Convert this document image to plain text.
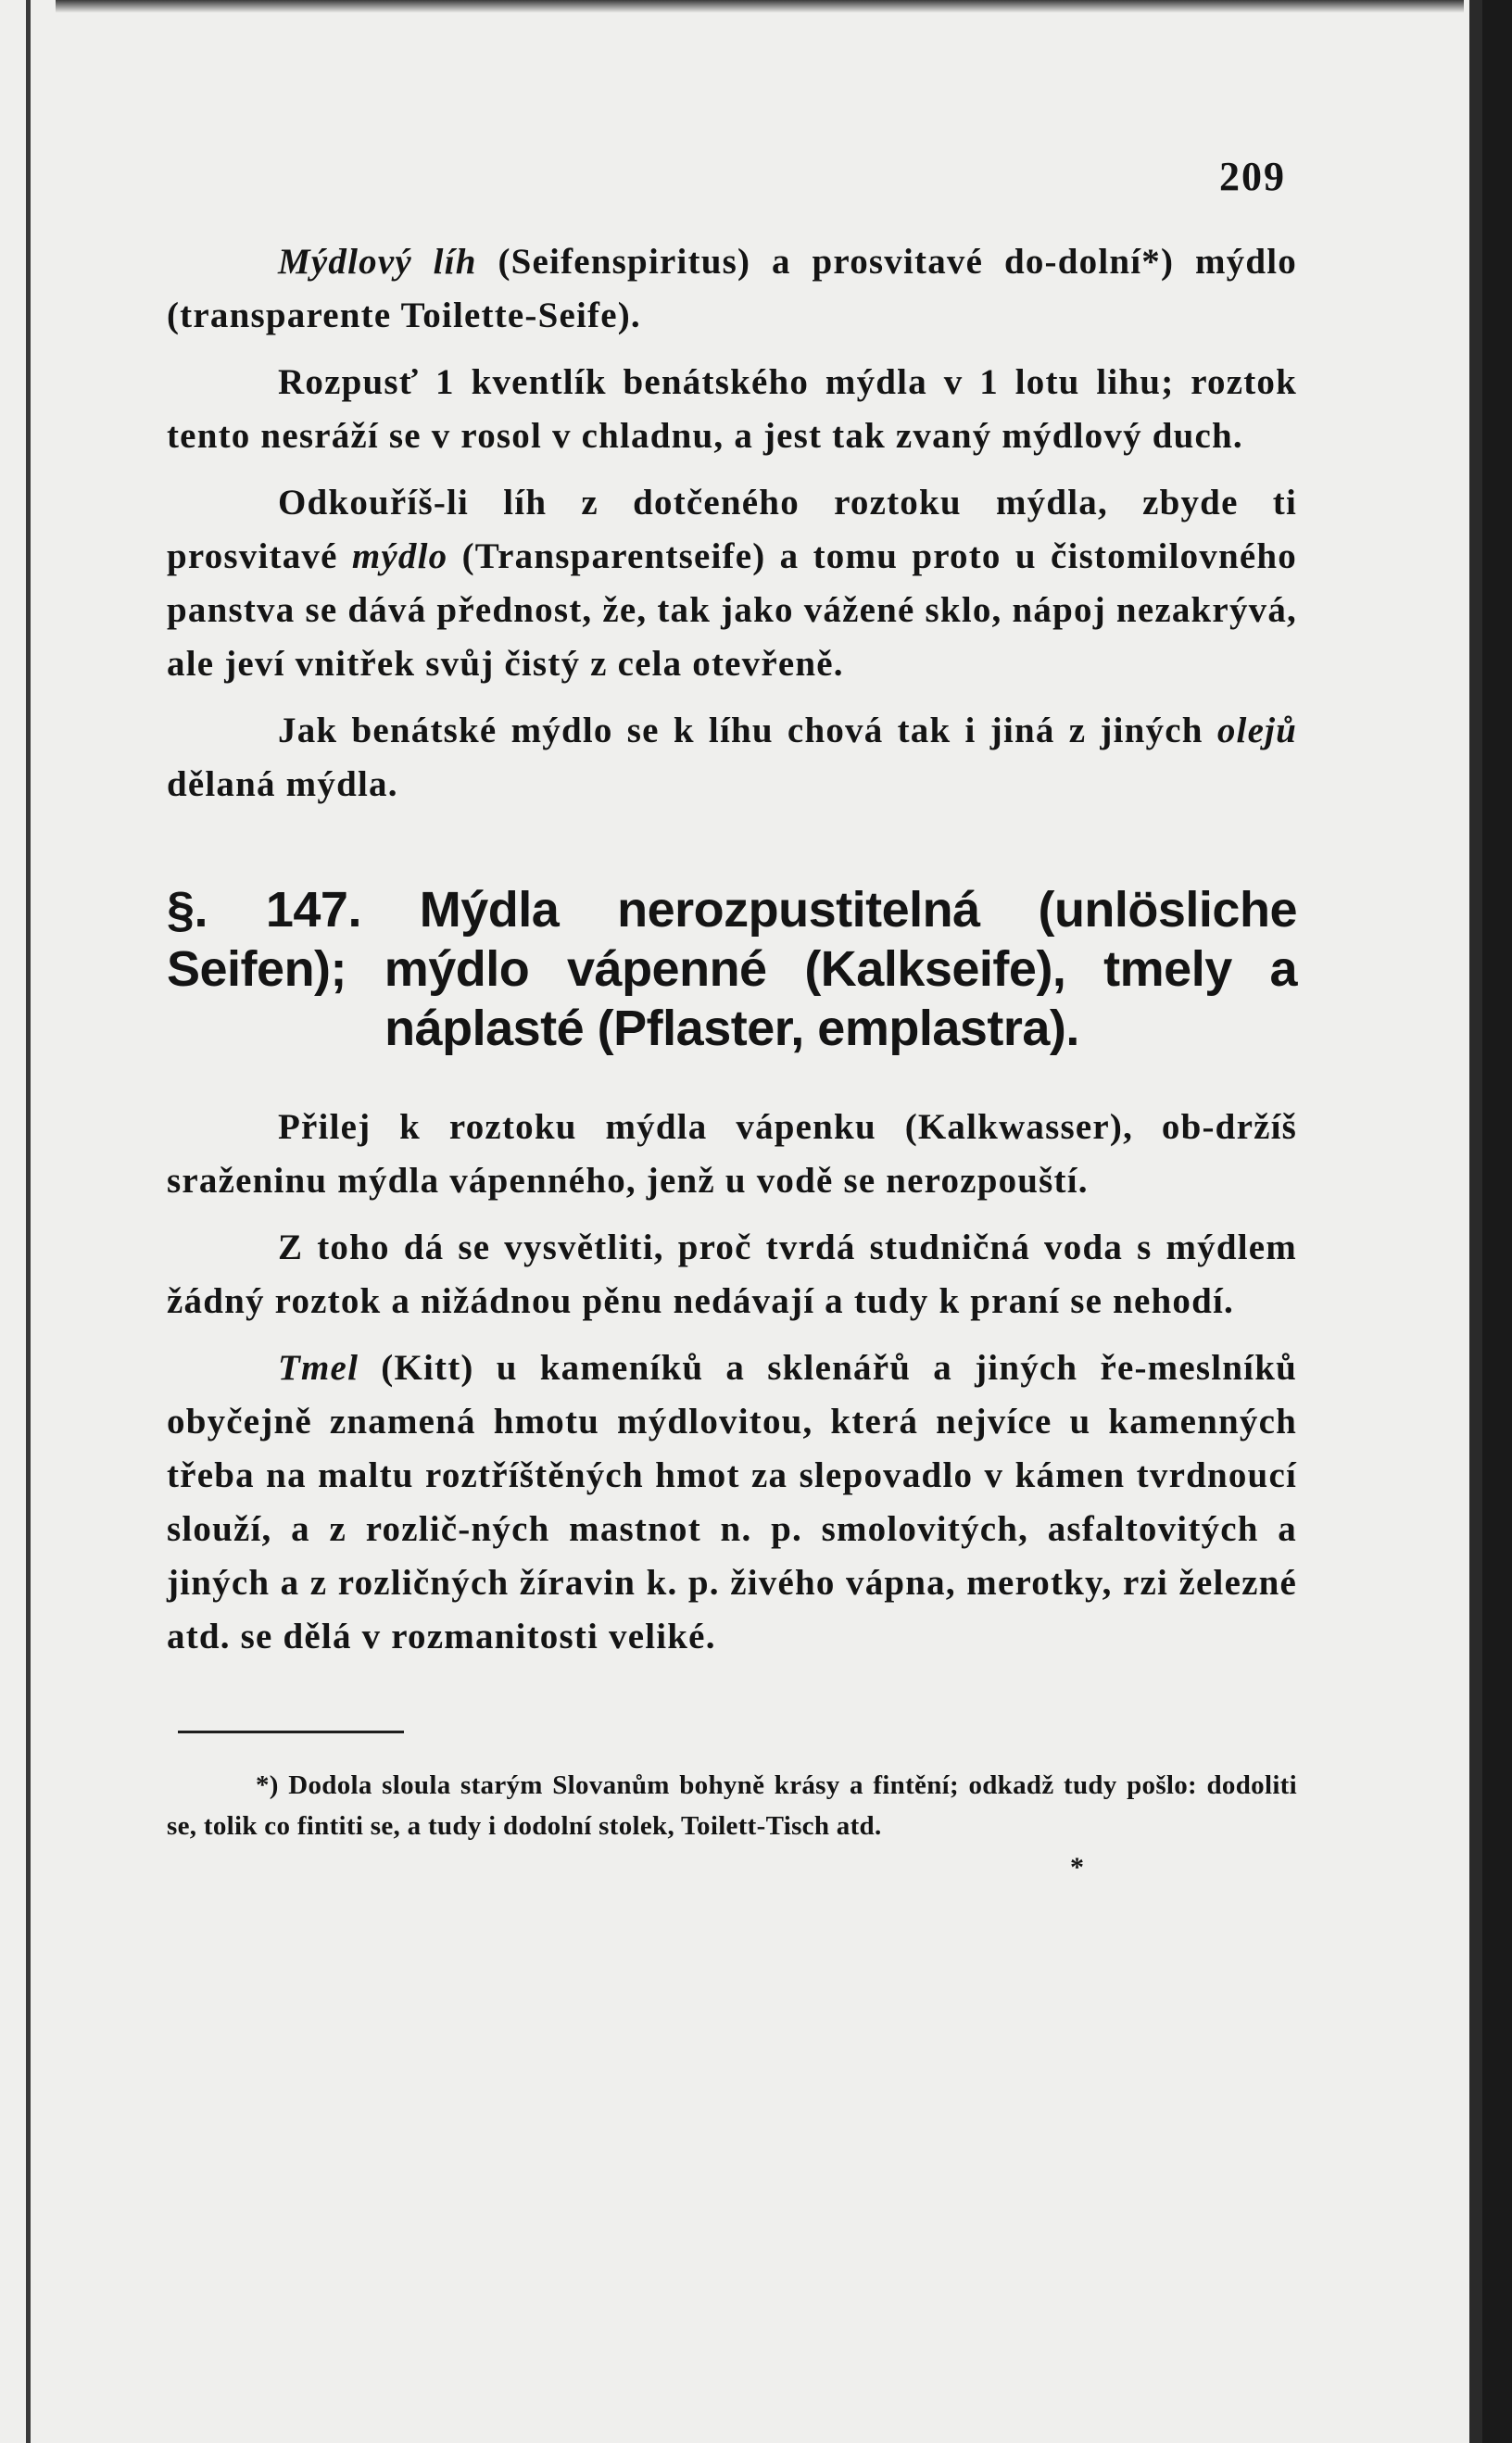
209

Mýdlový líh (Seifenspiritus) a prosvitavé do-dolní*) mýdlo (transparente Toilette-Seife).

Rozpusť 1 kventlík benátského mýdla v 1 lotu lihu; roztok tento nesráží se v rosol v chladnu, a jest tak zvaný mýdlový duch.

Odkouříš-li líh z dotčeného roztoku mýdla, zbyde ti prosvitavé mýdlo (Transparentseife) a tomu proto u čistomilovného panstva se dává přednost, že, tak jako vážené sklo, nápoj nezakrývá, ale jeví vnitřek svůj čistý z cela otevřeně.

Jak benátské mýdlo se k líhu chová tak i jiná z jiných olejů dělaná mýdla.

§. 147. Mýdla nerozpustitelná (unlösliche Seifen); mýdlo vápenné (Kalkseife), tmely a náplasté (Pflaster, emplastra).

Přilej k roztoku mýdla vápenku (Kalkwasser), ob-držíš sraženinu mýdla vápenného, jenž u vodě se nerozpouští.

Z toho dá se vysvětliti, proč tvrdá studničná voda s mýdlem žádný roztok a nižádnou pěnu nedávají a tudy k praní se nehodí.

Tmel (Kitt) u kameníků a sklenářů a jiných ře-meslníků obyčejně znamená hmotu mýdlovitou, která nejvíce u kamenných třeba na maltu roztříštěných hmot za slepovadlo v kámen tvrdnoucí slouží, a z rozlič-ných mastnot n. p. smolovitých, asfaltovitých a jiných a z rozličných žíravin k. p. živého vápna, merotky, rzi železné atd. se dělá v rozmanitosti veliké.

*) Dodola sloula starým Slovanům bohyně krásy a fintění; odkadž tudy pošlo: dodoliti se, tolik co fintiti se, a tudy i dodolní stolek, Toilett-Tisch atd.
*
